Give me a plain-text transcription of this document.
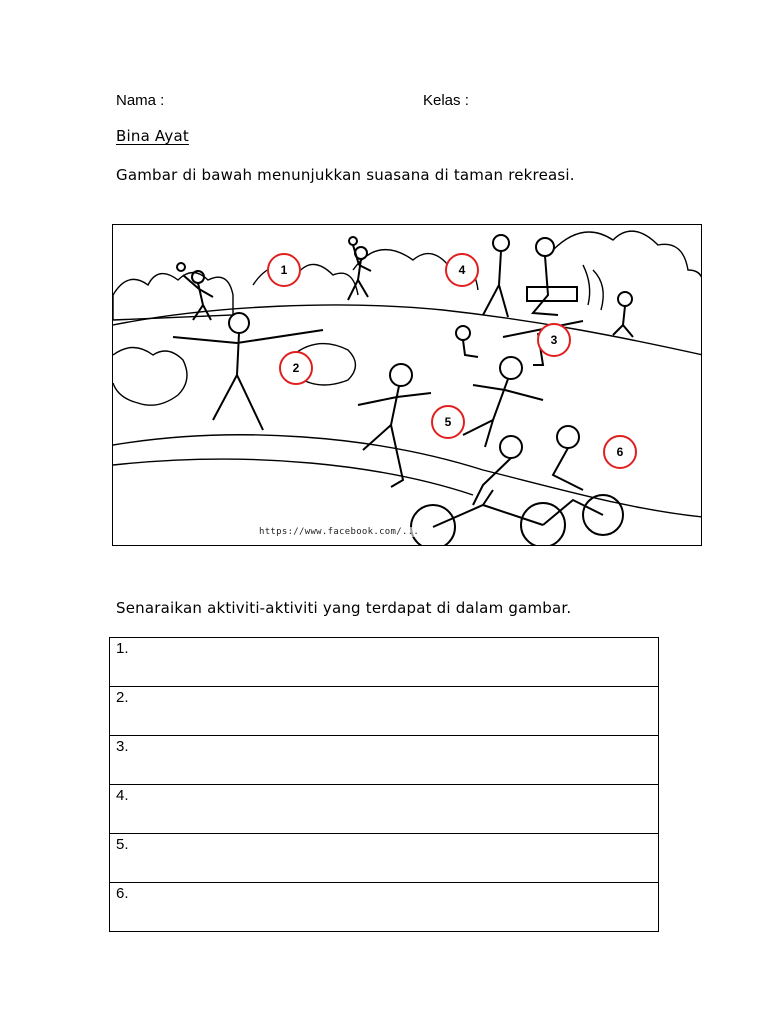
Nama :	Kelas :
Bina Ayat
Gambar di bawah menunjukkan suasana di taman rekreasi.
1
2
3
4
5
6
https://www.facebook.com/...
Senaraikan aktiviti-aktiviti yang terdapat di dalam gambar.
1.
2.
3.
4.
5.
6.
